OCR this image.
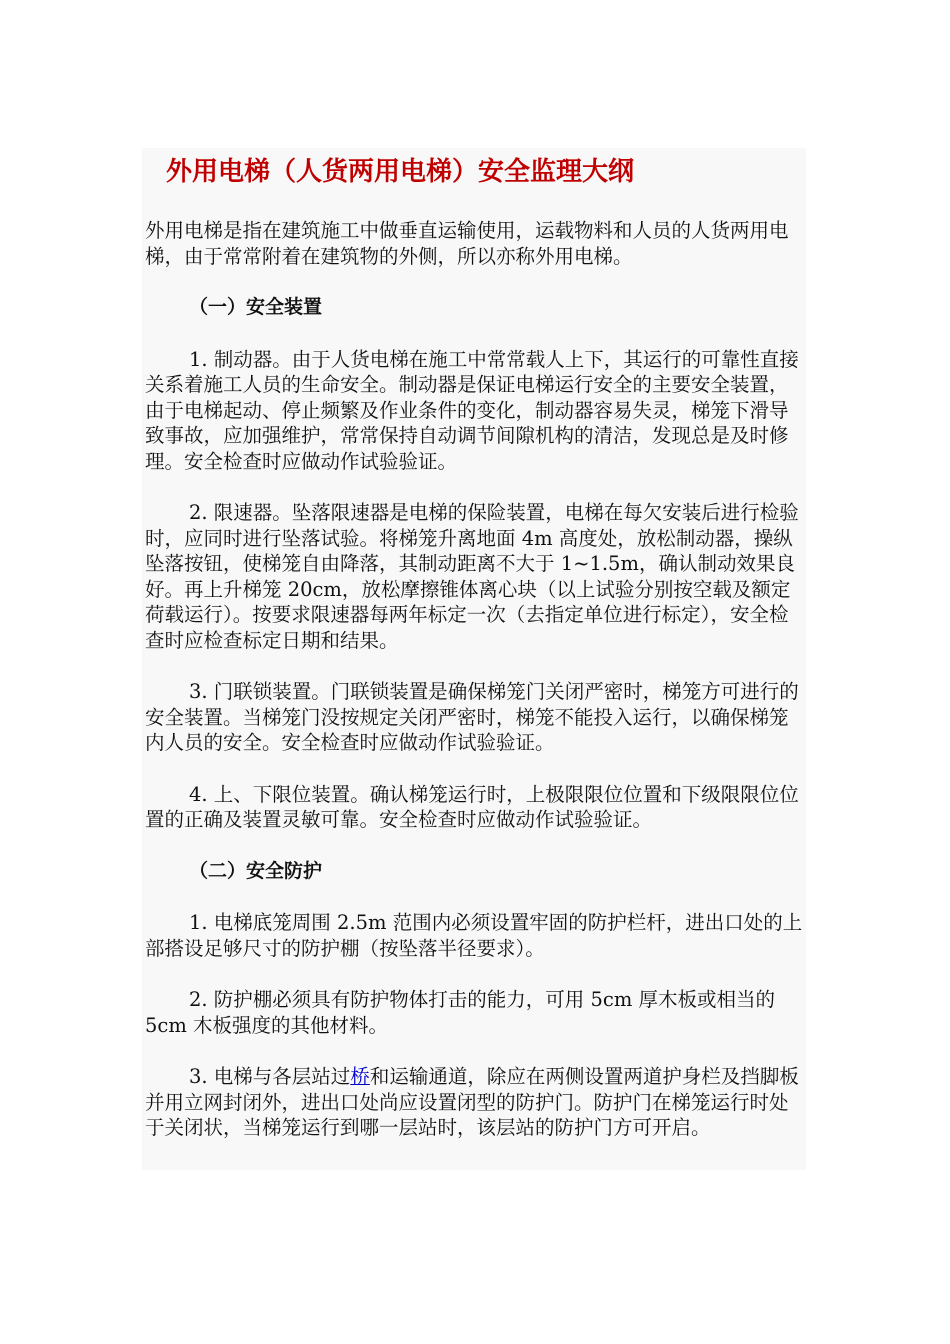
外用电梯（人货两用电梯）安全监理大纲

外用电梯是指在建筑施工中做垂直运输使用，运载物料和人员的人货两用电梯，由于常常附着在建筑物的外侧，所以亦称外用电梯。

（一）安全装置

1. 制动器。由于人货电梯在施工中常常载人上下，其运行的可靠性直接关系着施工人员的生命安全。制动器是保证电梯运行安全的主要安全装置，由于电梯起动、停止频繁及作业条件的变化，制动器容易失灵，梯笼下滑导致事故，应加强维护，常常保持自动调节间隙机构的清洁，发现总是及时修理。安全检查时应做动作试验验证。

2. 限速器。坠落限速器是电梯的保险装置，电梯在每欠安装后进行检验时，应同时进行坠落试验。将梯笼升离地面 4m 高度处，放松制动器，操纵坠落按钮，使梯笼自由降落，其制动距离不大于 1~1.5m，确认制动效果良好。再上升梯笼 20cm，放松摩擦锥体离心块（以上试验分别按空载及额定荷载运行）。按要求限速器每两年标定一次（去指定单位进行标定），安全检查时应检查标定日期和结果。

3. 门联锁装置。门联锁装置是确保梯笼门关闭严密时，梯笼方可进行的安全装置。当梯笼门没按规定关闭严密时，梯笼不能投入运行，以确保梯笼内人员的安全。安全检查时应做动作试验验证。

4. 上、下限位装置。确认梯笼运行时，上极限限位位置和下级限限位位置的正确及装置灵敏可靠。安全检查时应做动作试验验证。

（二）安全防护

1. 电梯底笼周围 2.5m 范围内必须设置牢固的防护栏杆，进出口处的上部搭设足够尺寸的防护棚（按坠落半径要求）。

2. 防护棚必须具有防护物体打击的能力，可用 5cm 厚木板或相当的 5cm 木板强度的其他材料。

3. 电梯与各层站过桥和运输通道，除应在两侧设置两道护身栏及挡脚板并用立网封闭外，进出口处尚应设置闭型的防护门。防护门在梯笼运行时处于关闭状，当梯笼运行到哪一层站时，该层站的防护门方可开启。
